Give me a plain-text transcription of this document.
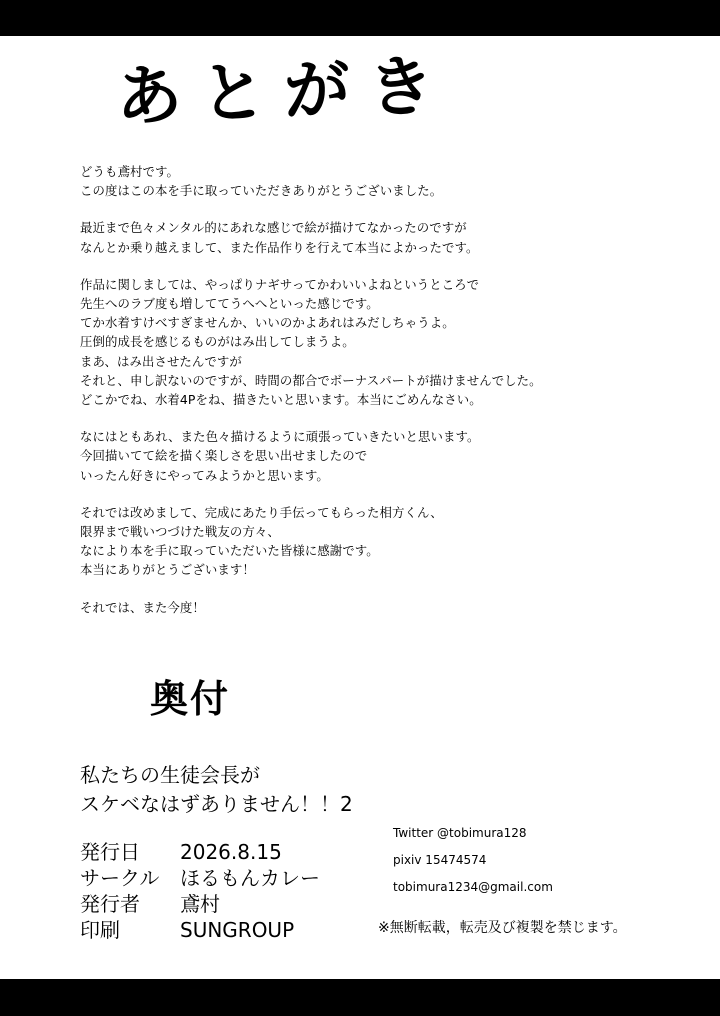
あとがき
どうも鳶村です。
この度はこの本を手に取っていただきありがとうございました。
最近まで色々メンタル的にあれな感じで絵が描けてなかったのですが
なんとか乗り越えまして、また作品作りを行えて本当によかったです。
作品に関しましては、やっぱりナギサってかわいいよねというところで
先生へのラブ度も増しててうへへといった感じです。
てか水着すけべすぎませんか、いいのかよあれはみだしちゃうよ。
圧倒的成長を感じるものがはみ出してしまうよ。
まあ、はみ出させたんですが
それと、申し訳ないのですが、時間の都合でボーナスパートが描けませんでした。
どこかでね、水着4Pをね、描きたいと思います。本当にごめんなさい。
なにはともあれ、また色々描けるように頑張っていきたいと思います。
今回描いてて絵を描く楽しさを思い出せましたので
いったん好きにやってみようかと思います。
それでは改めまして、完成にあたり手伝ってもらった相方くん、
限界まで戦いつづけた戦友の方々、
なにより本を手に取っていただいた皆様に感謝です。
本当にありがとうございます！
それでは、また今度！
奥付
私たちの生徒会長が
スケベなはずありません！！2
発行日	2026.8.15
サークル	ほるもんカレー
発行者	鳶村
印刷	SUNGROUP
Twitter @tobimura128
pixiv 15474574
tobimura1234@gmail.com
※無断転載，転売及び複製を禁じます。
